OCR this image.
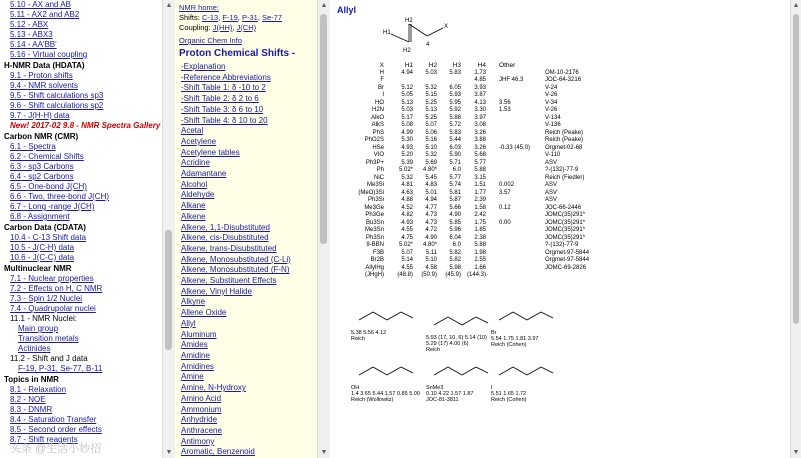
5.10 - AX and AB
5.11 - AX2 and AB2
5.12 - ABX
5.13 - ABX3
5.14 - AA'BB'
5.16 - Virtual coupling
H-NMR Data (HDATA)
9.1 - Proton shifts
9.4 - NMR solvents
9.5 - Shift calculations sp3
9.6 - Shift calculations sp2
9.7 - J(H-H) data
New! 2017-02 9.8 - NMR Spectra Gallery
Carbon NMR (CMR)
6.1 - Spectra
6.2 - Chemical Shifts
6.3 - sp3 Carbons
6.4 - sp2 Carbons
6.5 - One-bond J(CH)
6.6 - Two, three-bond J(CH)
6.7 - Long -range J(CH)
6.8 - Assignment
Carbon Data (CDATA)
10.4 - C-13 Shift data
10.5 - J(C-H) data
10.6 - J(C-C) data
Multinuclear NMR
7.1 - Nuclear properties
7.2 - Effects on H, C NMR
7.3 - Spin 1/2 Nuclei
7.4 - Quadrupolar nuclei
11.1 - NMR Nuclei:
Main group
Transition metals
Actinides
11.2 - Shift and J data
F-19, P-31, Se-77, B-11
Topics in NMR
8.1 - Relaxation
8.2 - NOE
8.3 - DNMR
8.4 - Saturation Transfer
8.5 - Second order effects
8.7 - Shift reagents
▲
▼
NMR home:
Shifts: C-13, F-19, P-31, Se-77
Coupling: J(HH), J(CH)
Organic Chem Info
Proton Chemical Shifts -
-Explanation
-Reference Abbreviations
-Shift Table 1: δ -10 to 2
-Shift Table 2: δ 2 to 6
-Shift Table 3: δ 6 to 10
-Shift Table 4: δ 10 to 20
Acetal
Acetylene
Acetylene tables
Acridine
Adamantane
Alcohol
Aldehyde
Alkane
Alkene
Alkene, 1,1-Disubstituted
Alkene, cis-Disubstituted
Alkene, trans-Disubstituted
Alkene, Monosubstituted (C-Li)
Alkene, Monosubstituted (F-N)
Alkene, Substituent Effects
Alkene, Vinyl Halide
Alkyne
Allene Oxide
Allyl
Aluminum
Amides
Amidine
Amidines
Amine
Amine, N-Hydroxy
Amino Acid
Ammonium
Anhydride
Anthracene
Antimony
Aromatic, Benzenoid
▲
▼
Allyl
H1
H2
H2
4
X
X	H1	H2	H3	H4	Other	
H	4.94	5.03	5.83	1.73		OM-10-2176
F				4.85	JHF 46.3	JOC-64-3216
Br	5.12	5.32	6.05	3.93		V-24
I	5.05	5.15	5.93	3.87		V-26
HO	5.13	5.25	5.95	4.13	3.56	V-34
H2N	5.03	5.13	5.92	3.30	1.53	V-26
AlkO	5.17	5.25	5.88	3.97		V-134
AlkS	5.08	5.07	5.72	3.08		V-136
PhS	4.99	5.06	5.83	3.26		Reich (Peake)
PhO2S	5.30	5.16	5.44	3.88		Reich (Peake)
HSe	4.93	5.10	6.03	3.26	-0.33 (45.0)	Orgmet-02-68
VIO	5.20	5.32	5.90	5.68		V-110
Ph3P+	5.39	5.69	5.71	5.77		ASV
Ph	5.02*	4.80*	6.0	5.88		?-(132)-77-9
NiC	5.32	5.45	5.77	3.15		Reich (Fiedler)
Me3Si	4.81	4.83	5.74	1.51	0.002	ASV
(MeO)3Si	4.63	5.01	5.81	1.77	3.57	ASV
Ph3Si	4.88	4.94	5.87	2.39		ASV
Me3Ge	4.52	4.77	5.66	1.58	0.12	JOC-66-2446
Ph3Ge	4.82	4.73	4.90	2.42		JOMC(35)291*
Bu3Sn	4.93	4.73	5.85	1.75	0.00	JOMC(35)291*
Me3Sn	4.55	4.72	5.96	1.85		JOMC(35)291*
Ph3Sn	4.75	4.90	6.04	2.38		JOMC(35)291*
9-BBN	5.02*	4.80*	6.0	5.88		?-(132)-77-9
F3B	5.07	5.11	5.82	1.98		Orgmet-97-5844
Br2B	5.14	5.10	5.82	2.55		Orgmet-97-5844
AllylHg	4.55	4.58	5.98	1.66		JOMC-69-2826
(JHgH)	(48.8)	(50.9)	(45.9)	(144.3)		
5.38 5.56 4.12
Reich	5.93 (17, 10, 6) 5.14 (10) 5.29 (17) 4.00 (6)
Reich
Br
5.54 1.75 1.81 3.97
Reich (Cohen)
OH
1.4 3.65 5.44 1.57 0.85 5.00
Reich (Wollowitz)
SnMe3
0.10 4.22 1.57 1.87
JOC-81-3811
I
5.51 1.65 1.72
Reich (Cohen)
▲
▼
头条 @生活小妙招
